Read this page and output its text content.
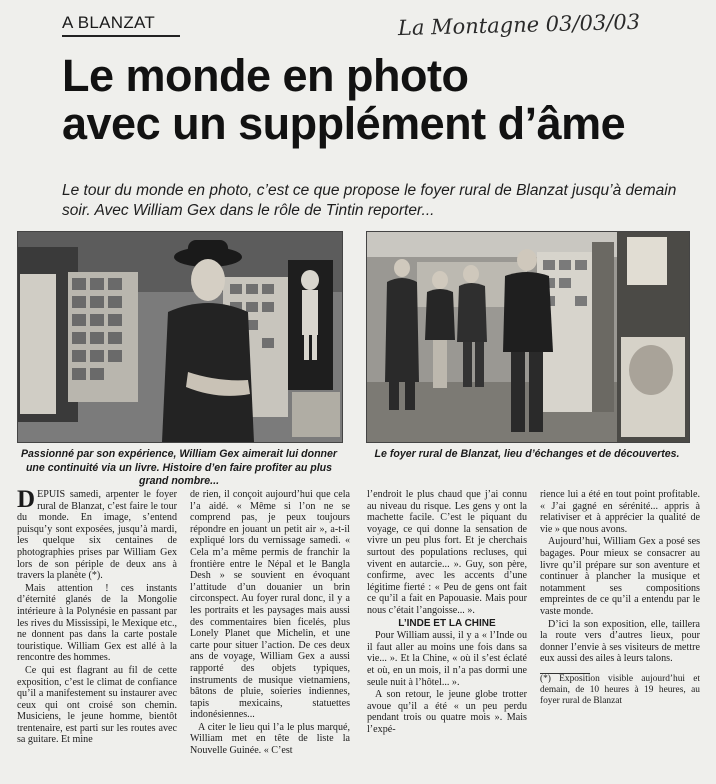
A BLANZAT	La Montagne 03/03/03
Le monde en photo
avec un supplément d’âme
Le tour du monde en photo, c’est ce que propose le foyer rural de Blanzat jusqu’à demain soir. Avec William Gex dans le rôle de Tintin reporter...
Passionné par son expérience, William Gex aimerait lui donner une continuité via un livre. Histoire d’en faire profiter au plus grand nombre...
Le foyer rural de Blanzat, lieu d’échanges et de découvertes.

DEPUIS samedi, arpenter le foyer rural de Blanzat, c’est faire le tour du monde. En image, s’entend puisqu’y sont exposées, jusqu’à mardi, les quelque six centaines de photographies prises par William Gex lors de son périple de deux ans à travers la planète (*).

Mais attention ! ces instants d’éternité glanés de la Mongolie intérieure à la Polynésie en passant par les rives du Mississipi, le Mexique etc., ne donnent pas dans la carte postale touristique. William Gex est allé à la rencontre des hommes.

Ce qui est flagrant au fil de cette exposition, c’est le climat de confiance qu’il a manifestement su instaurer avec ceux qui ont croisé son chemin. Musiciens, le jeune homme, bientôt trentenaire, est parti sur les routes avec sa guitare. Et mine

de rien, il conçoit aujourd’hui que cela l’a aidé. « Même si l’on ne se comprend pas, je peux toujours répondre en jouant un petit air », a-t-il expliqué lors du vernissage samedi. « Cela m’a même permis de franchir la frontière entre le Népal et le Bangla Desh » se souvient en évoquant l’attitude d’un douanier un brin circonspect. Au foyer rural donc, il y a les portraits et les paysages mais aussi des commentaires bien ficelés, plus Lonely Planet que Michelin, et une carte pour situer l’action. De ces deux ans de voyage, William Gex a aussi rapporté des objets typiques, instruments de musique vietnamiens, bâtons de pluie, soieries indiennes, tapis mexicains, statuettes indonésiennes...

A citer le lieu qui l’a le plus marqué, William met en tête de liste la Nouvelle Guinée. « C’est

l’endroit le plus chaud que j’ai connu au niveau du risque. Les gens y ont la machette facile. C’est le piquant du voyage, ce qui donne la sensation de vivre un peu plus fort. Et je cherchais surtout des populations recluses, qui vivent en autarcie... ». Guy, son père, confirme, avec les accents d’une légitime fierté : « Peu de gens ont fait ce qu’il a fait en Papouasie. Mais pour nous c’était l’angoisse... ».

L’INDE ET LA CHINE

Pour William aussi, il y a « l’Inde ou il faut aller au moins une fois dans sa vie... ». Et la Chine, « où il s’est éclaté et où, en un mois, il n’a pas dormi une seule nuit à l’hôtel... ».

A son retour, le jeune globe trotter avoue qu’il a été « un peu perdu pendant trois ou quatre mois ». Mais l’expé-

rience lui a été en tout point profitable. « J’ai gagné en sérénité... appris à relativiser et à apprécier la qualité de vie » que nous avons.

Aujourd’hui, William Gex a posé ses bagages. Pour mieux se consacrer au livre qu’il prépare sur son aventure et continuer à plancher la musique et notamment ses compositions empreintes de ce qu’il a entendu par le vaste monde.

D’ici la son exposition, elle, taillera la route vers d’autres lieux, pour donner l’envie à ses visiteurs de mettre eux aussi des ailes à leurs talons.

(*) Exposition visible aujourd’hui et demain, de 10 heures à 19 heures, au foyer rural de Blanzat
